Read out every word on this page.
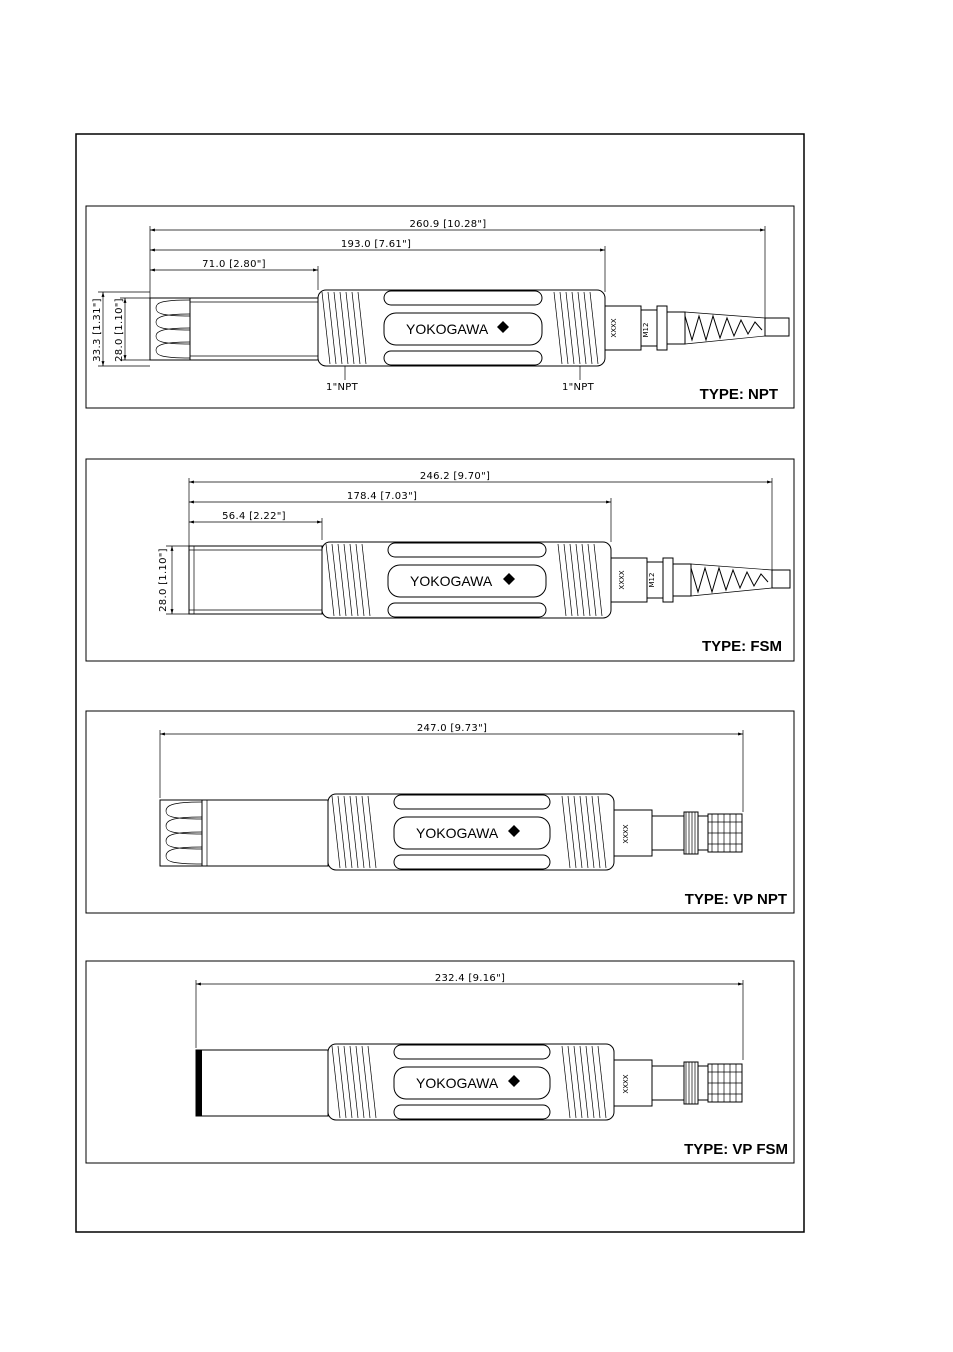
260.9 [10.28"]
193.0 [7.61"]
71.0 [2.80"]
33.3 [1.31"] 28.0 [1.10"]
1"NPT	1"NPT
M12
YOKOGAWA	XXXX
TYPE: NPT
246.2 [9.70"]
178.4 [7.03"]
56.4 [2.22"]
28.0 [1.10"]	M12
YOKOGAWA	XXXX
TYPE: FSM
247.0 [9.73"]
YOKOGAWA	XXXX
TYPE: VP NPT
232.4 [9.16"]
YOKOGAWA	XXXX
TYPE: VP FSM
